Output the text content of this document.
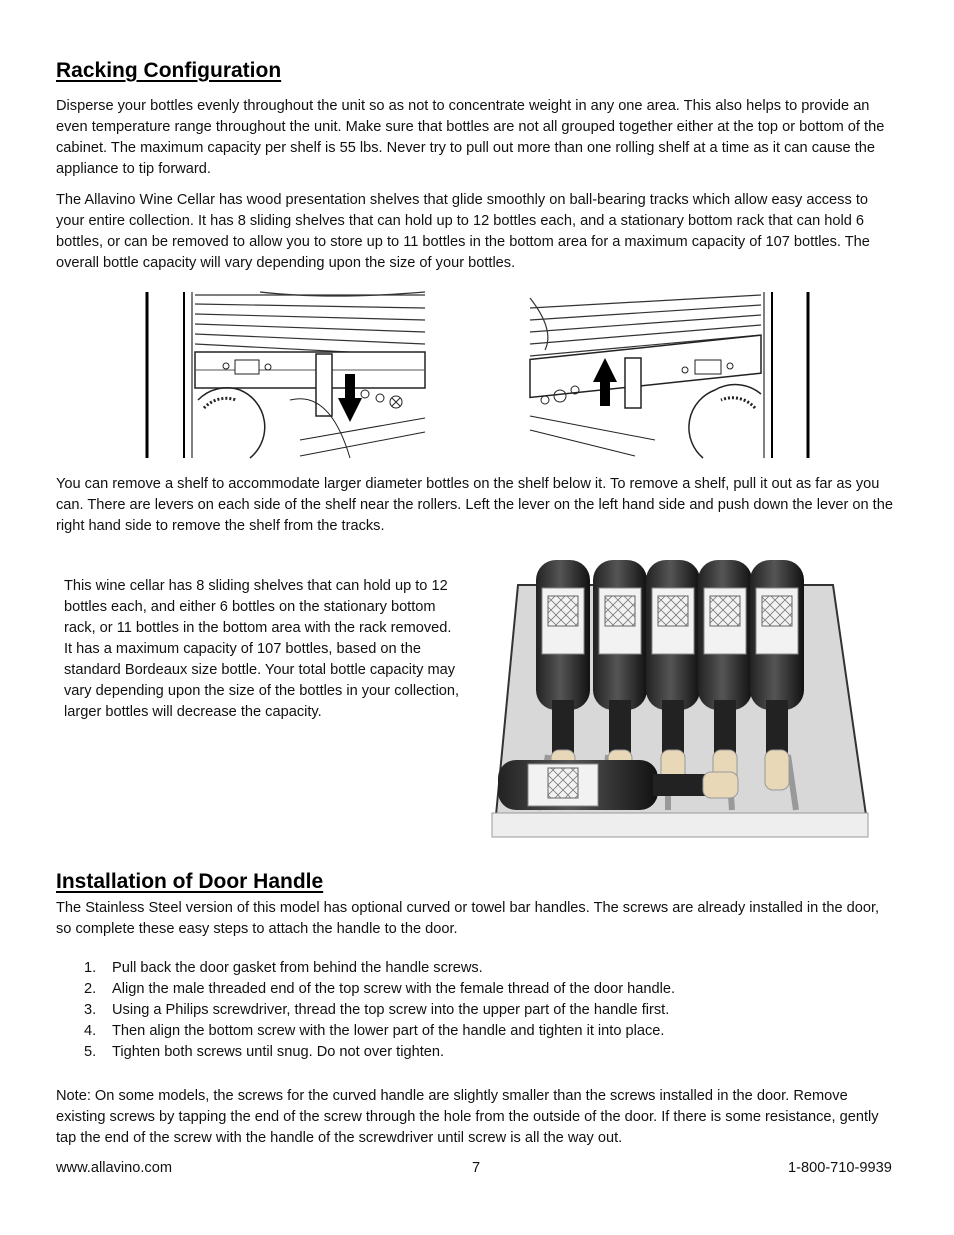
Racking Configuration

Disperse your bottles evenly throughout the unit so as not to concentrate weight in any one area. This also helps to provide an even temperature range throughout the unit. Make sure that bottles are not all grouped together either at the top or bottom of the cabinet. The maximum capacity per shelf is 55 lbs. Never try to pull out more than one rolling shelf at a time as it can cause the appliance to tip forward.

The Allavino Wine Cellar has wood presentation shelves that glide smoothly on ball-bearing tracks which allow easy access to your entire collection. It has 8 sliding shelves that can hold up to 12 bottles each, and a stationary bottom rack that can hold 6 bottles, or can be removed to allow you to store up to 11 bottles in the bottom area for a maximum capacity of 107 bottles. The overall bottle capacity will vary depending upon the size of your bottles.

You can remove a shelf to accommodate larger diameter bottles on the shelf below it. To remove a shelf, pull it out as far as you can. There are levers on each side of the shelf near the rollers. Left the lever on the left hand side and push down the lever on the right hand side to remove the shelf from the tracks.

This wine cellar has 8 sliding shelves that can hold up to 12 bottles each, and either 6 bottles on the stationary bottom rack, or 11 bottles in the bottom area with the rack removed. It has a maximum capacity of 107 bottles, based on the standard Bordeaux size bottle. Your total bottle capacity may vary depending upon the size of the bottles in your collection, larger bottles will decrease the capacity.

Installation of Door Handle

The Stainless Steel version of this model has optional curved or towel bar handles. The screws are already installed in the door, so complete these easy steps to attach the handle to the door.

1. Pull back the door gasket from behind the handle screws.
2. Align the male threaded end of the top screw with the female thread of the door handle.
3. Using a Philips screwdriver, thread the top screw into the upper part of the handle first.
4. Then align the bottom screw with the lower part of the handle and tighten it into place.
5. Tighten both screws until snug. Do not over tighten.

Note: On some models, the screws for the curved handle are slightly smaller than the screws installed in the door. Remove existing screws by tapping the end of the screw through the hole from the outside of the door. If there is some resistance, gently tap the end of the screw with the handle of the screwdriver until screw is all the way out.

www.allavino.com	7	1-800-710-9939
